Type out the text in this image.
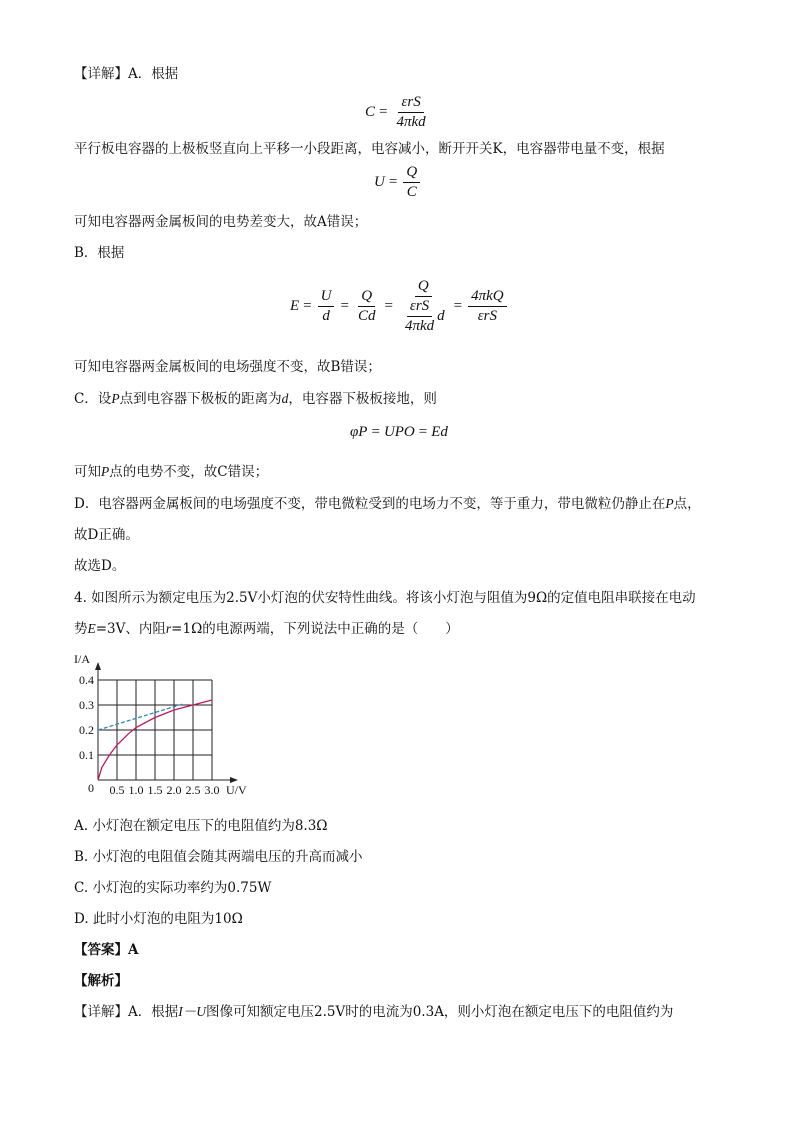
【详解】A．根据
$C = \frac{\text{εrS}}{\text{4πkd}}$
平行板电容器的上极板竖直向上平移一小段距离，电容减小，断开开关K，电容器带电量不变，根据
$U = \frac{Q}{C}$
可知电容器两金属板间的电势差变大，故A错误；
B．根据
$E = \frac{U}{d} = \frac{Q}{Cd} = \frac{Q}{\frac{\text{εrS}}{\text{4πkd}} d} = \frac{\text{4πkQ}}{\text{εrS}}$
可知电容器两金属板间的电场强度不变，故B错误；
C．设P点到电容器下极板的距离为d，电容器下极板接地，则
φP = UPO = Ed
可知P点的电势不变，故C错误；
D．电容器两金属板间的电场强度不变，带电微粒受到的电场力不变，等于重力，带电微粒仍静止在P点，
故D正确。
故选D。
4. 如图所示为额定电压为2.5V小灯泡的伏安特性曲线。将该小灯泡与阻值为9Ω的定值电阻串联接在电动
势E=3V、内阻r=1Ω的电源两端，下列说法中正确的是（　　）
0.5 1.0 1.5 2.0 2.5 3.0
0.1
0.2
0.3
0.4
I/A
U/V
0
A. 小灯泡在额定电压下的电阻值约为8.3Ω
B. 小灯泡的电阻值会随其两端电压的升高而减小
C. 小灯泡的实际功率约为0.75W
D. 此时小灯泡的电阻为10Ω
【答案】A
【解析】
【详解】A．根据I－U图像可知额定电压2.5V时的电流为0.3A，则小灯泡在额定电压下的电阻值约为
